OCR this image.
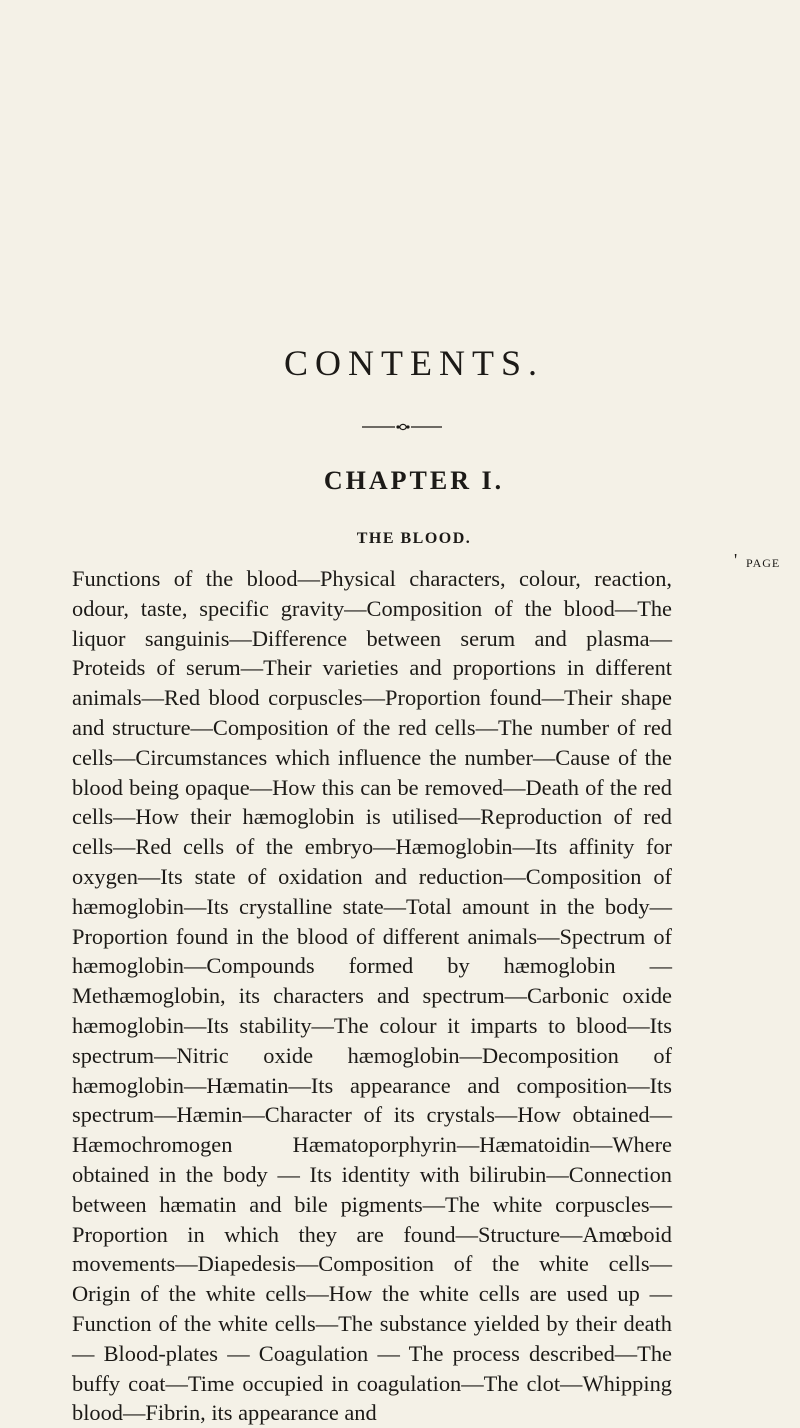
CONTENTS.
CHAPTER I.
THE BLOOD.
' PAGE

Functions of the blood—Physical characters, colour, reaction, odour, taste, specific gravity—Composition of the blood—The liquor sanguinis—Difference between serum and plasma—Proteids of serum—Their varieties and proportions in different animals—Red blood corpuscles—Proportion found—Their shape and structure—Composition of the red cells—The number of red cells—Circumstances which influence the number—Cause of the blood being opaque—How this can be removed—Death of the red cells—How their hæmoglobin is utilised—Reproduction of red cells—Red cells of the embryo—Hæmoglobin—Its affinity for oxygen—Its state of oxidation and reduction—Composition of hæmoglobin—Its crystalline state—Total amount in the body—Proportion found in the blood of different animals—Spectrum of hæmoglobin—Compounds formed by hæmoglobin — Methæmoglobin, its characters and spectrum—Carbonic oxide hæmoglobin—Its stability—The colour it imparts to blood—Its spectrum—Nitric oxide hæmoglobin—Decomposition of hæmoglobin—Hæmatin—Its appearance and composition—Its spectrum—Hæmin—Character of its crystals—How obtained—Hæmochromogen Hæmatoporphyrin—Hæmatoidin—Where obtained in the body — Its identity with bilirubin—Connection between hæmatin and bile pigments—The white corpuscles—Proportion in which they are found—Structure—Amœboid movements—Diapedesis—Composition of the white cells—Origin of the white cells—How the white cells are used up —Function of the white cells—The substance yielded by their death — Blood-plates — Coagulation — The process described—The buffy coat—Time occupied in coagulation—The clot—Whipping blood—Fibrin, its appearance and
